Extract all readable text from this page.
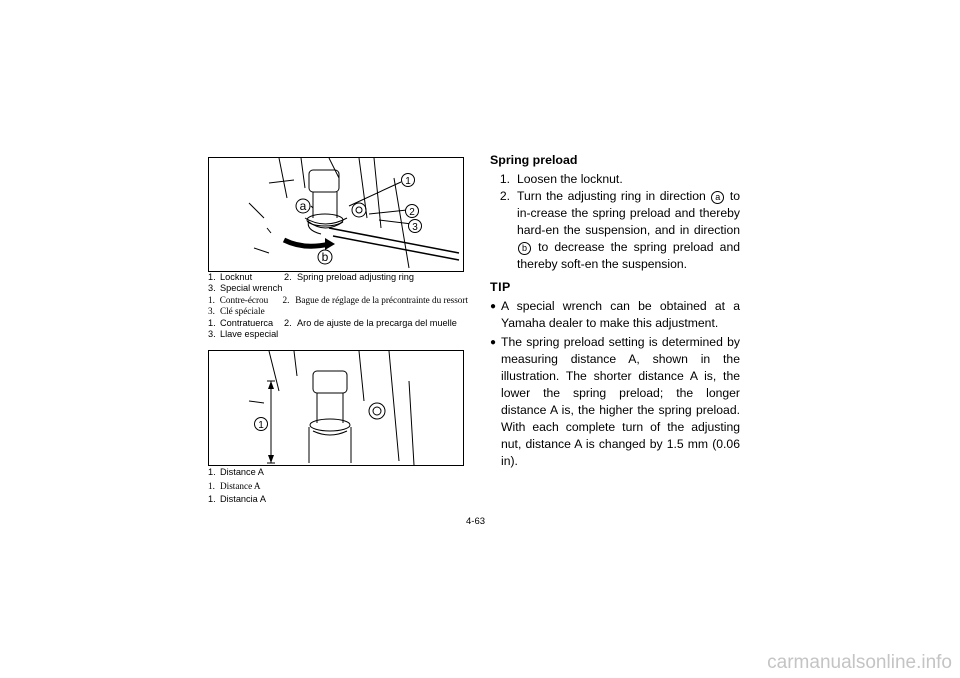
1
2
3
a
b
1. Locknut	2. Spring preload adjusting ring
3. Special wrench
1. Contre-écrou	2. Bague de réglage de la précontrainte du ressort
3. Clé spéciale
1. Contratuerca	2. Aro de ajuste de la precarga del muelle
3. Llave especial
1
1. Distance A
1. Distance A
1. Distancia A
Spring preload
1. Loosen the locknut.
2. Turn the adjusting ring in direction a to in-crease the spring preload and thereby hard-en the suspension, and in direction b to decrease the spring preload and thereby soft-en the suspension.
TIP
● A special wrench can be obtained at a Yamaha dealer to make this adjustment.
● The spring preload setting is determined by measuring distance A, shown in the illustration. The shorter distance A is, the lower the spring preload; the longer distance A is, the higher the spring preload. With each complete turn of the adjusting nut, distance A is changed by 1.5 mm (0.06 in).
4-63
carmanualsonline.info
